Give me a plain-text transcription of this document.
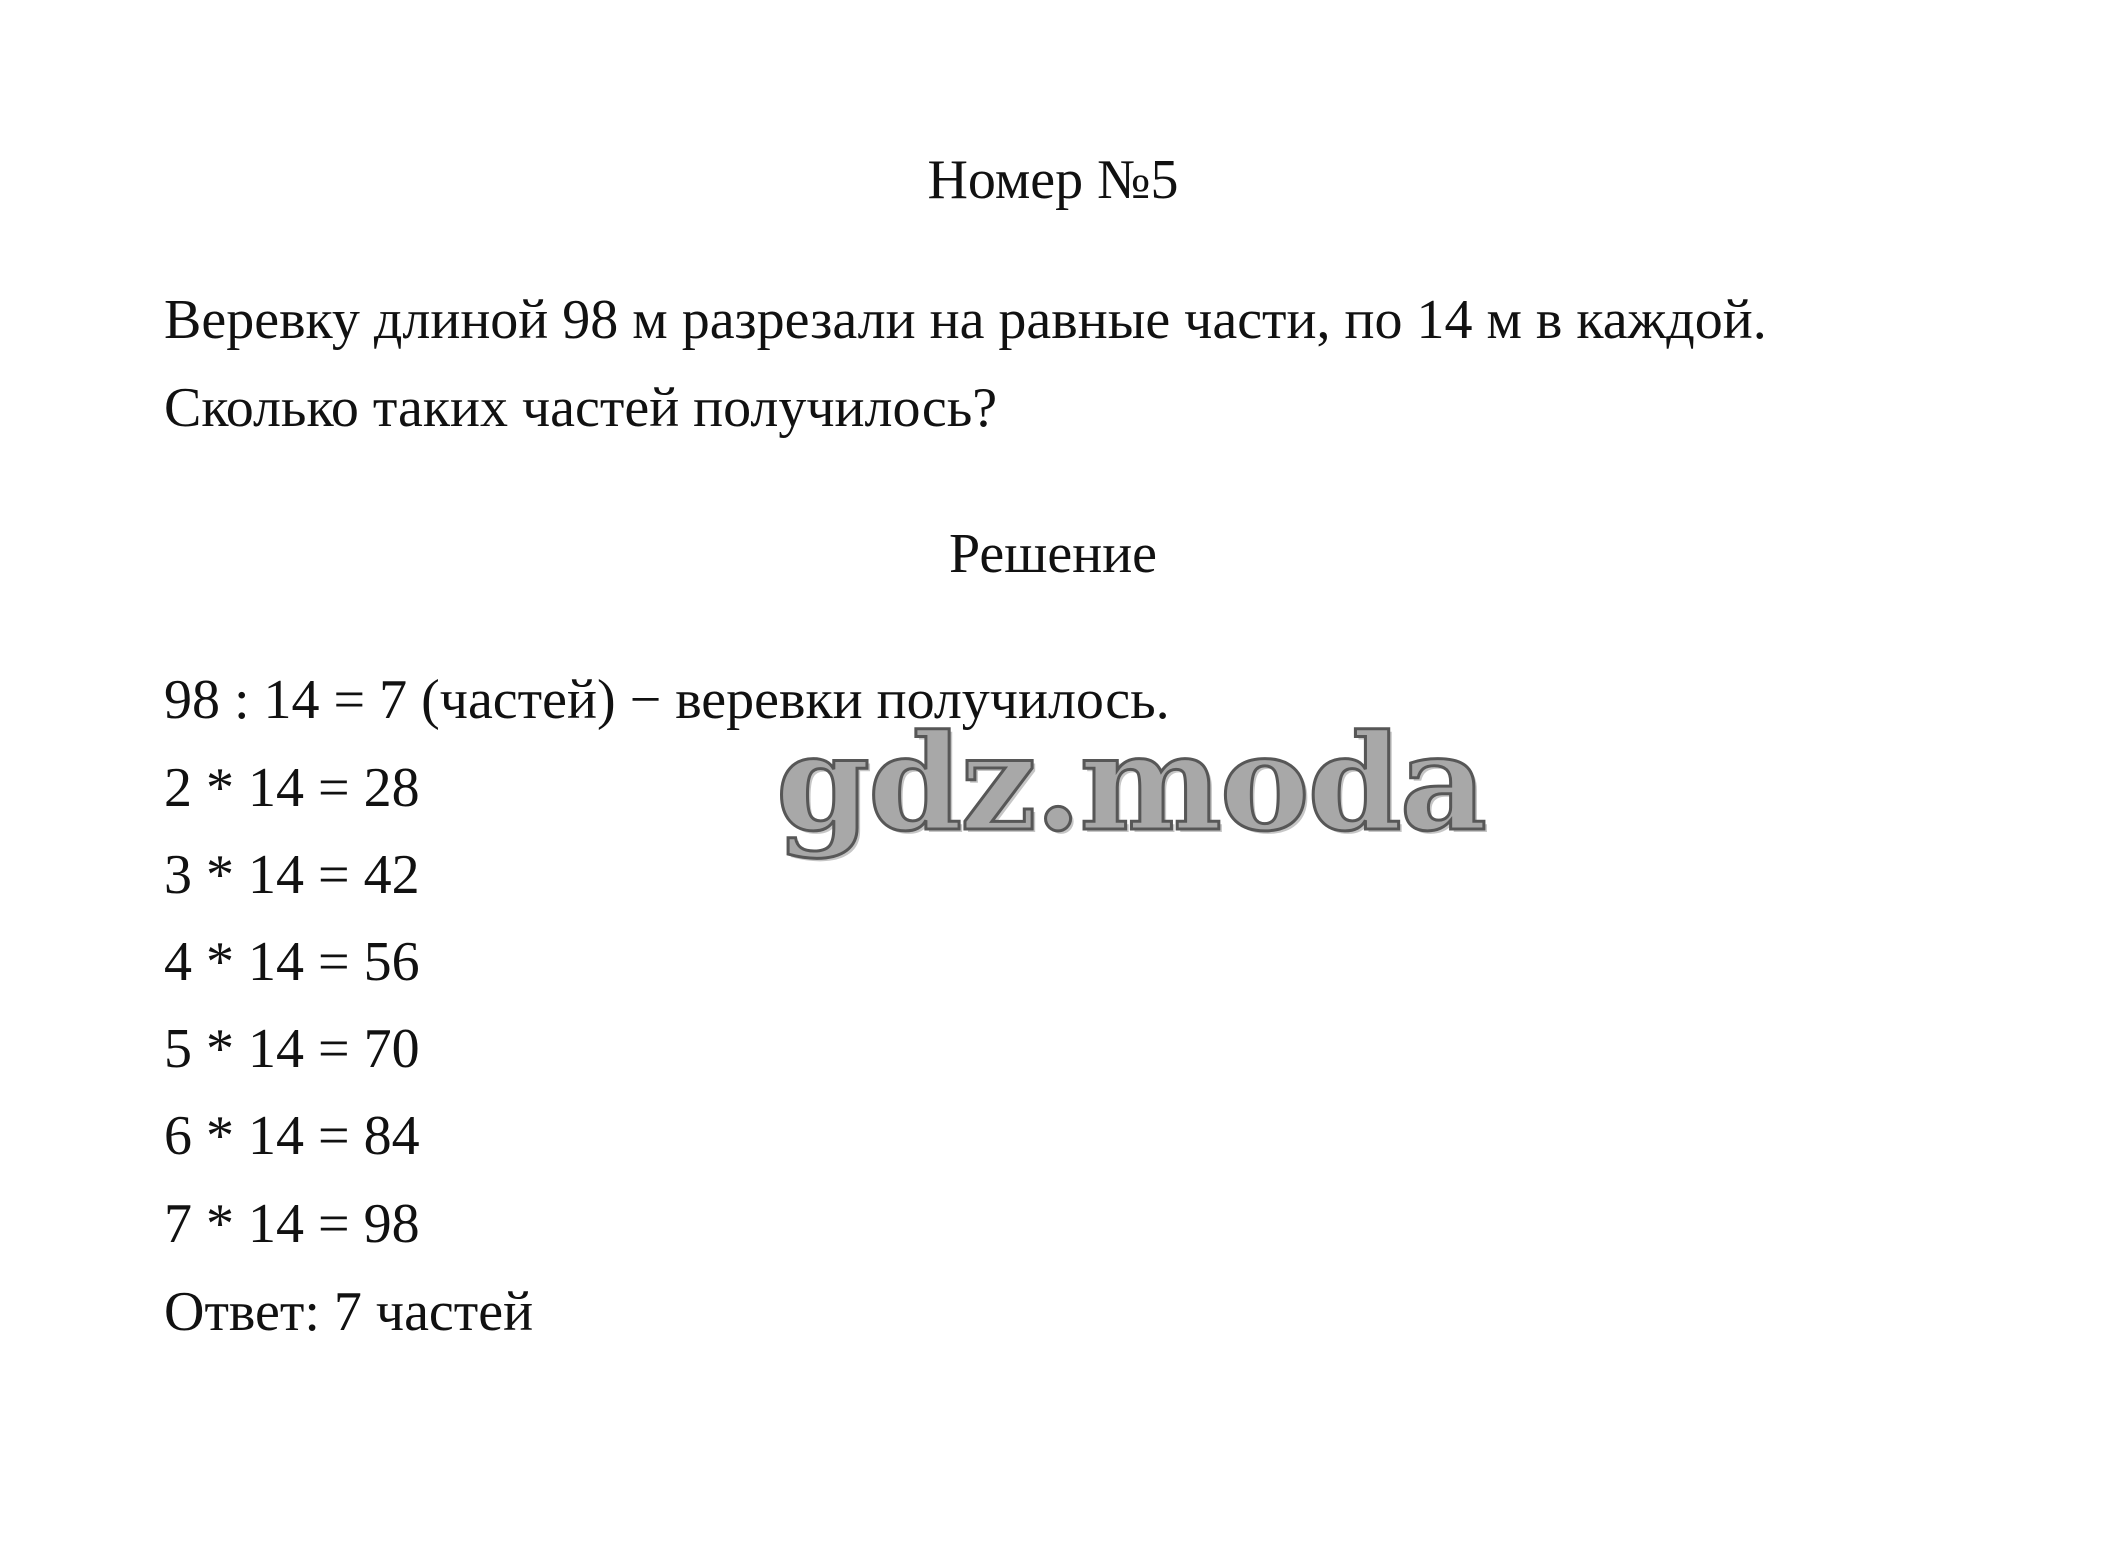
Номер №5
Веревку длиной 98 м разрезали на равные части, по 14 м в каждой.
Сколько таких частей получилось?
Решение
98 : 14 = 7 (частей) − веревки получилось.
2 * 14 = 28
3 * 14 = 42
4 * 14 = 56
5 * 14 = 70
6 * 14 = 84
7 * 14 = 98
Ответ: 7 частей
gdz.moda
